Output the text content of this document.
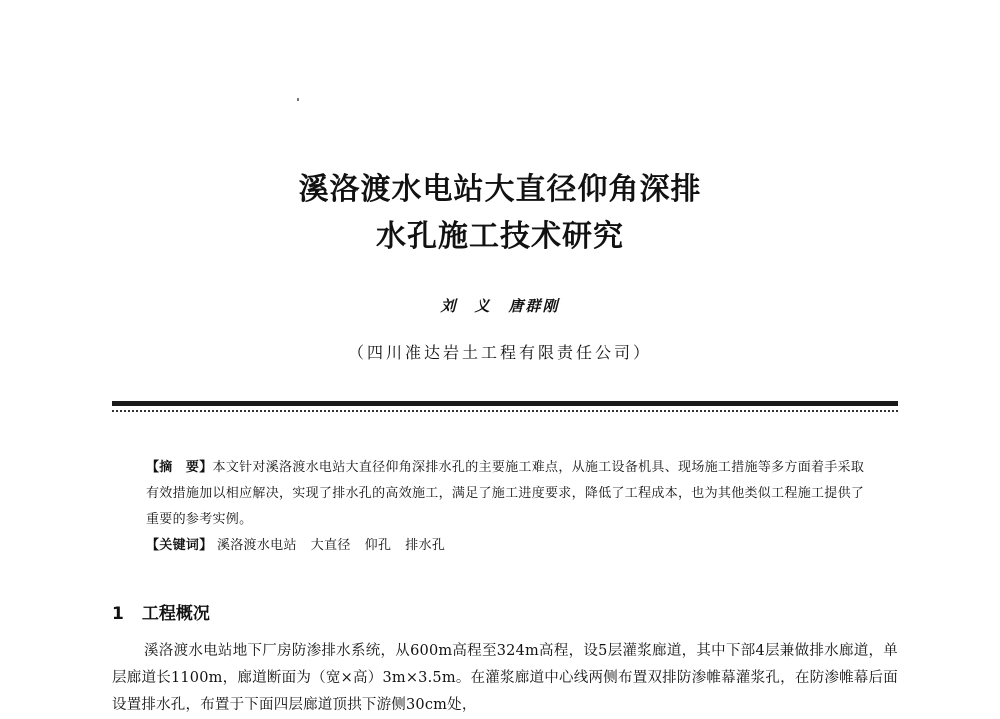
溪洛渡水电站大直径仰角深排
水孔施工技术研究
刘　义　唐群刚
（四川准达岩土工程有限责任公司）

【摘　要】本文针对溪洛渡水电站大直径仰角深排水孔的主要施工难点，从施工设备机具、现场施工措施等多方面着手采取有效措施加以相应解决，实现了排水孔的高效施工，满足了施工进度要求，降低了工程成本，也为其他类似工程施工提供了重要的参考实例。

【关键词】 溪洛渡水电站 大直径 仰孔 排水孔

1 工程概况

溪洛渡水电站地下厂房防渗排水系统，从600m高程至324m高程，设5层灌浆廊道，其中下部4层兼做排水廊道，单层廊道长1100m，廊道断面为（宽×高）3m×3.5m。在灌浆廊道中心线两侧布置双排防渗帷幕灌浆孔，在防渗帷幕后面设置排水孔，布置于下面四层廊道顶拱下游侧30cm处，
